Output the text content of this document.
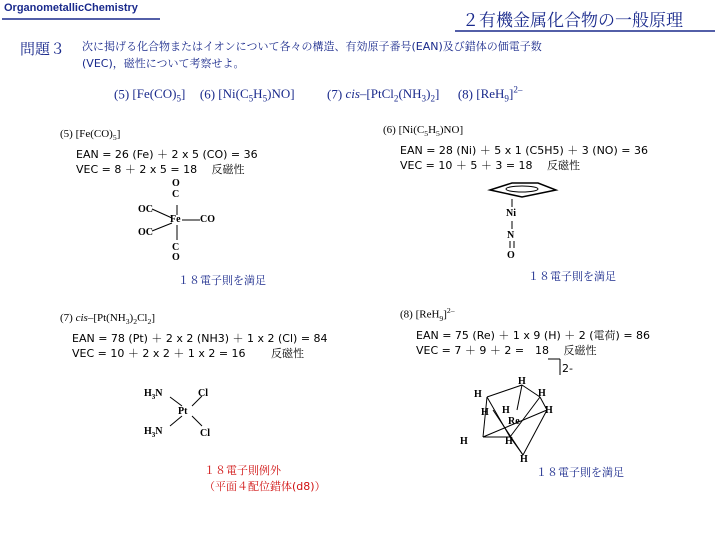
OrganometallicChemistry
２有機金属化合物の一般原理
問題３ 次に掲げる化合物またはイオンについて各々の構造、有効原子番号(EAN)及び錯体の価電子数
(VEC)，磁性について考察せよ。
(5) $[Fe(CO)_5]$ (6) $[Ni(C_5H_5)NO]$	(7) cis–$[PtCl_2(NH_3)_2]$ (8) $[ReH_9]^{2-}$
(5) $[Fe(CO)_5]$
EAN = 26 (Fe) ＋ 2 x 5 (CO) = 36
VEC = 8 ＋ 2 x 5 = 18　 反磁性
O
C
OC
Fe CO
OC
C
O
１８電子則を満足
(6) $[Ni(C_5H_5)NO]$
EAN = 28 (Ni) ＋ 5 x 1 (C5H5) ＋ 3 (NO) = 36
VEC = 10 ＋ 5 ＋ 3 = 18　 反磁性
Ni
N
O
１８電子則を満足
(7) cis–$[Pt(NH_3)_2Cl_2]$
EAN = 78 (Pt) ＋ 2 x 2 (NH3) ＋ 1 x 2 (Cl) = 84
VEC = 10 ＋ 2 x 2 ＋ 1 x 2 = 16　　 反磁性
$H_3N$	Cl
Pt
$H_3N$	Cl
１８電子則例外
（平面４配位錯体(d8)）
(8) $[ReH_9]^{2-}$
EAN = 75 (Re) ＋ 1 x 9 (H) ＋ 2 (電荷) = 86
VEC = 7 ＋ 9 ＋ 2 =　18　 反磁性
2-
H
H	H
H H	H
Re
H	H
H
１８電子則を満足
